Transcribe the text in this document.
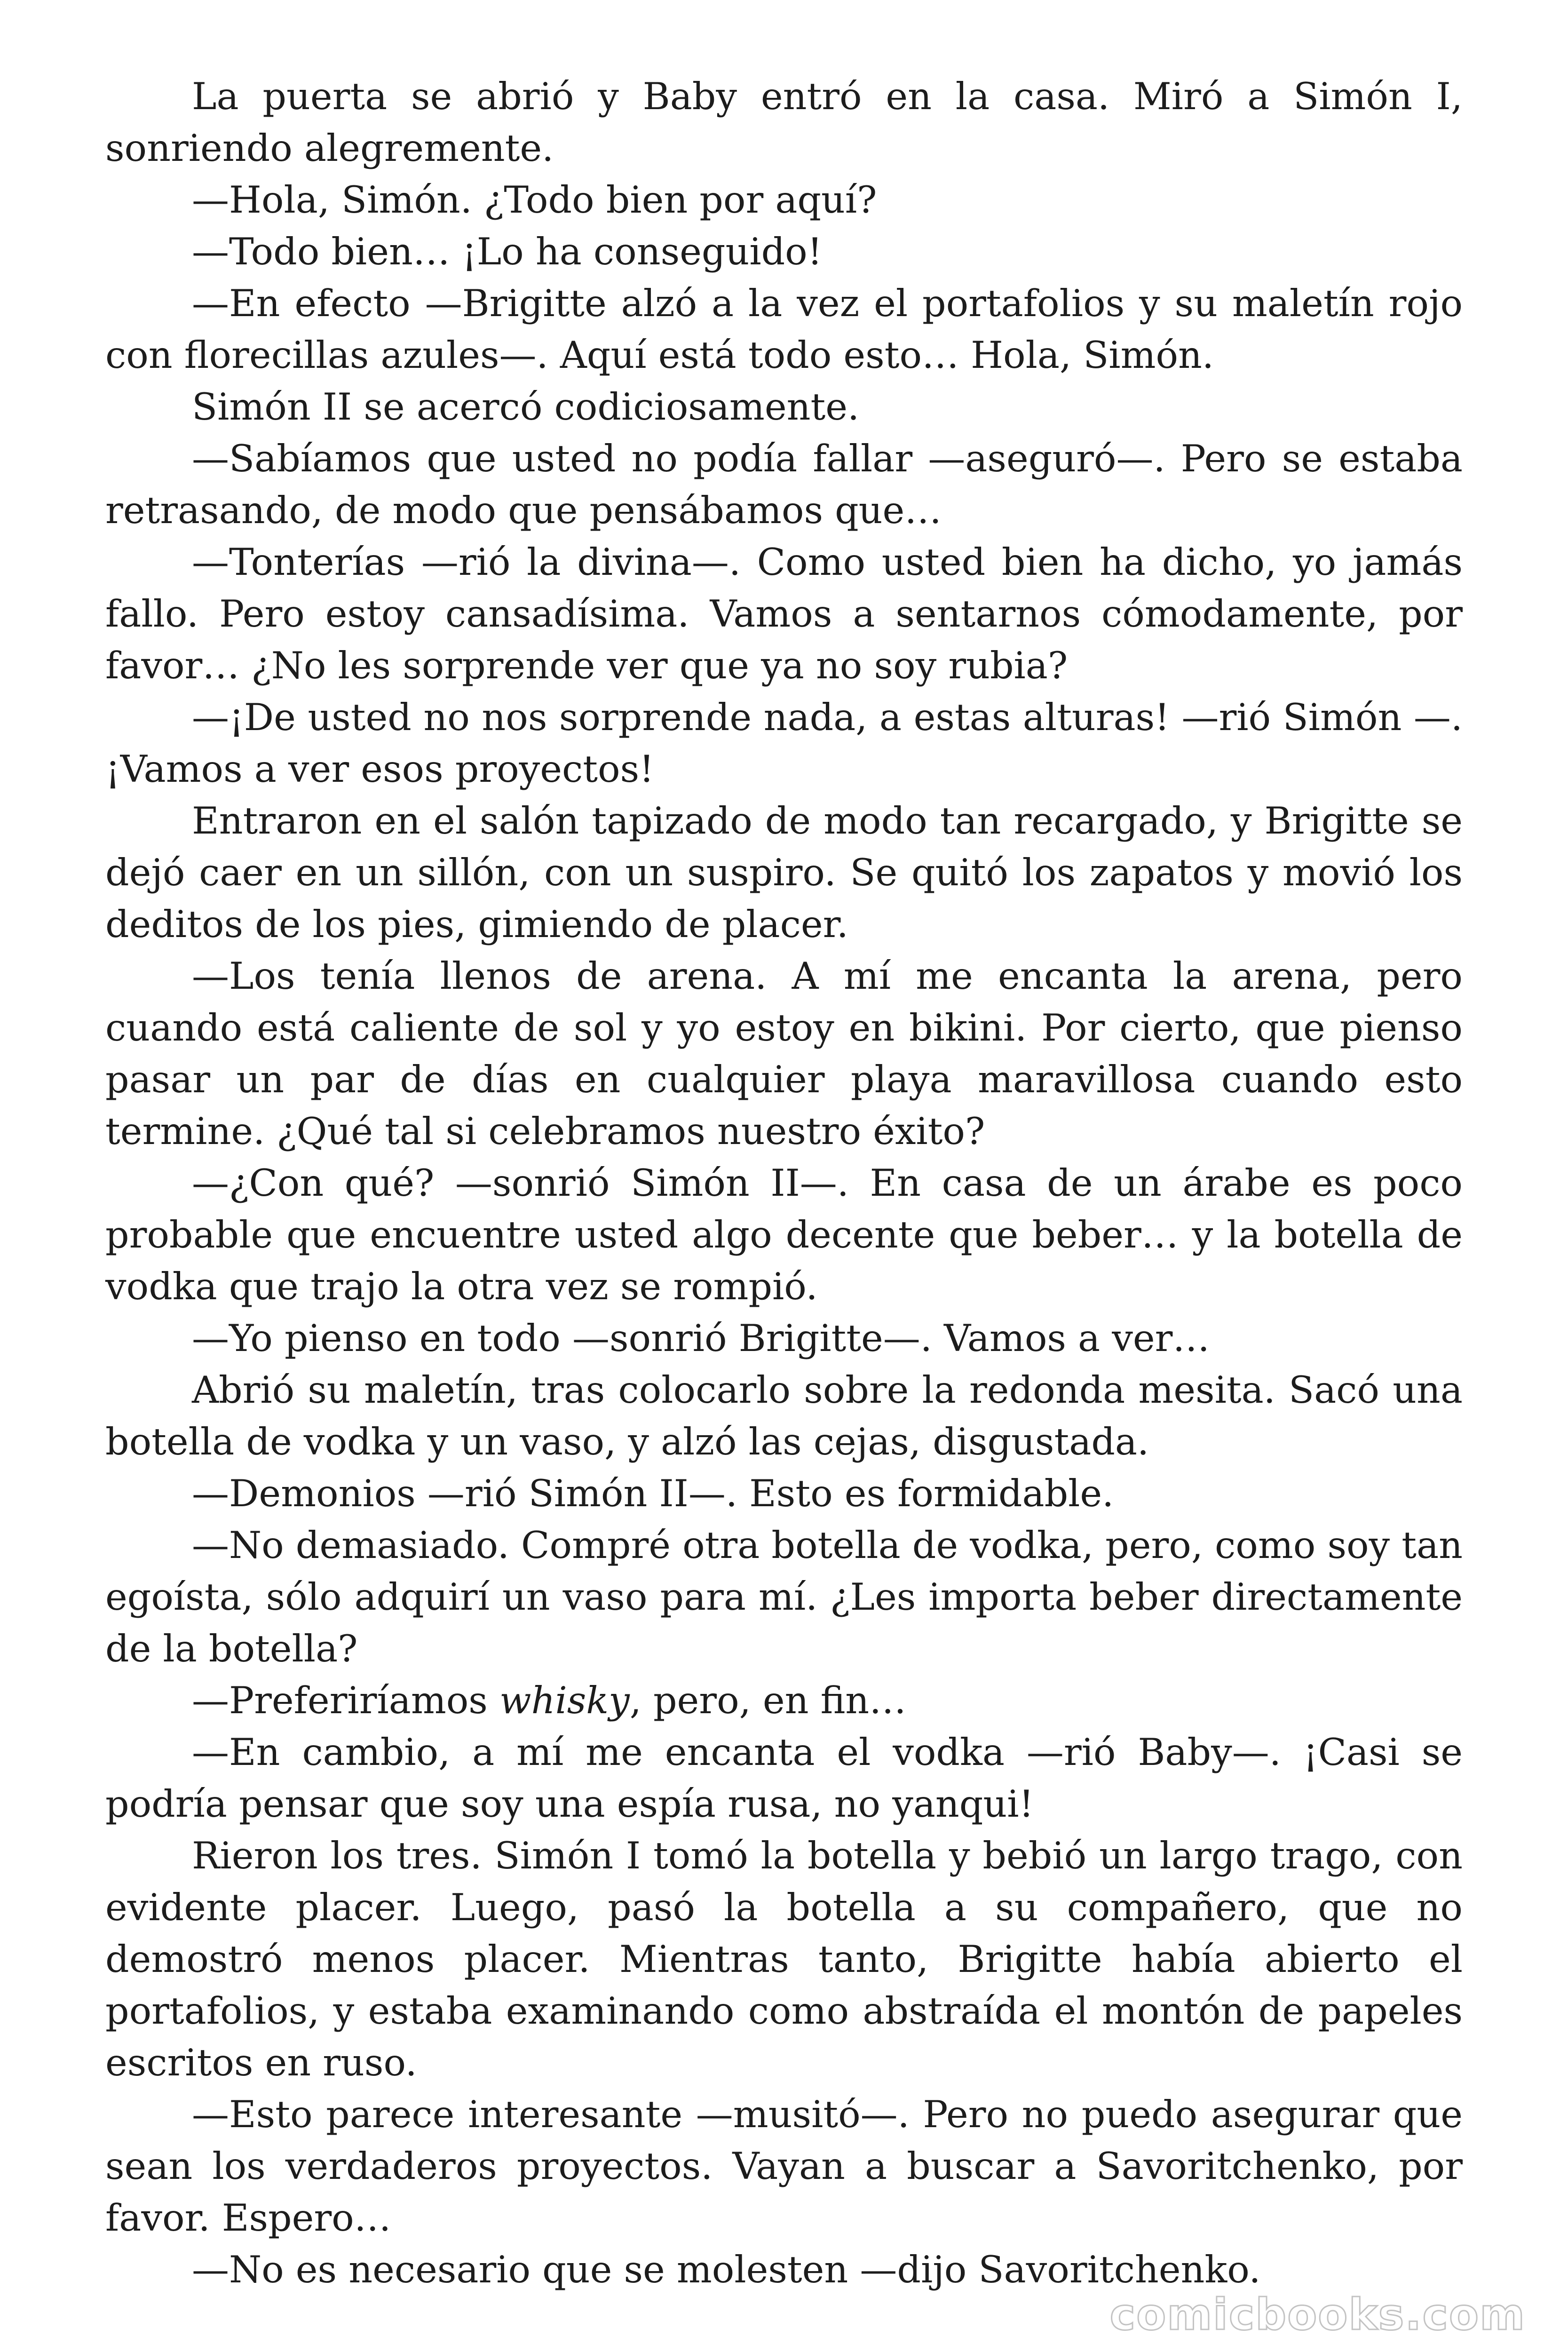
La puerta se abrió y Baby entró en la casa. Miró a Simón I, sonriendo alegremente.

—Hola, Simón. ¿Todo bien por aquí?

—Todo bien… ¡Lo ha conseguido!

—En efecto —Brigitte alzó a la vez el portafolios y su maletín rojo con florecillas azules—. Aquí está todo esto… Hola, Simón.

Simón II se acercó codiciosamente.

—Sabíamos que usted no podía fallar —aseguró—. Pero se estaba retrasando, de modo que pensábamos que…

—Tonterías —rió la divina—. Como usted bien ha dicho, yo jamás fallo. Pero estoy cansadísima. Vamos a sentarnos cómodamente, por favor… ¿No les sorprende ver que ya no soy rubia?

—¡De usted no nos sorprende nada, a estas alturas! —rió Simón —. ¡Vamos a ver esos proyectos!

Entraron en el salón tapizado de modo tan recargado, y Brigitte se dejó caer en un sillón, con un suspiro. Se quitó los zapatos y movió los deditos de los pies, gimiendo de placer.

—Los tenía llenos de arena. A mí me encanta la arena, pero cuando está caliente de sol y yo estoy en bikini. Por cierto, que pienso pasar un par de días en cualquier playa maravillosa cuando esto termine. ¿Qué tal si celebramos nuestro éxito?

—¿Con qué? —sonrió Simón II—. En casa de un árabe es poco probable que encuentre usted algo decente que beber… y la botella de vodka que trajo la otra vez se rompió.

—Yo pienso en todo —sonrió Brigitte—. Vamos a ver…

Abrió su maletín, tras colocarlo sobre la redonda mesita. Sacó una botella de vodka y un vaso, y alzó las cejas, disgustada.

—Demonios —rió Simón II—. Esto es formidable.

—No demasiado. Compré otra botella de vodka, pero, como soy tan egoísta, sólo adquirí un vaso para mí. ¿Les importa beber directamente de la botella?

—Preferiríamos whisky, pero, en fin…

—En cambio, a mí me encanta el vodka —rió Baby—. ¡Casi se podría pensar que soy una espía rusa, no yanqui!

Rieron los tres. Simón I tomó la botella y bebió un largo trago, con evidente placer. Luego, pasó la botella a su compañero, que no demostró menos placer. Mientras tanto, Brigitte había abierto el portafolios, y estaba examinando como abstraída el montón de papeles escritos en ruso.

—Esto parece interesante —musitó—. Pero no puedo asegurar que sean los verdaderos proyectos. Vayan a buscar a Savoritchenko, por favor. Espero…

—No es necesario que se molesten —dijo Savoritchenko.

comicbooks.com
